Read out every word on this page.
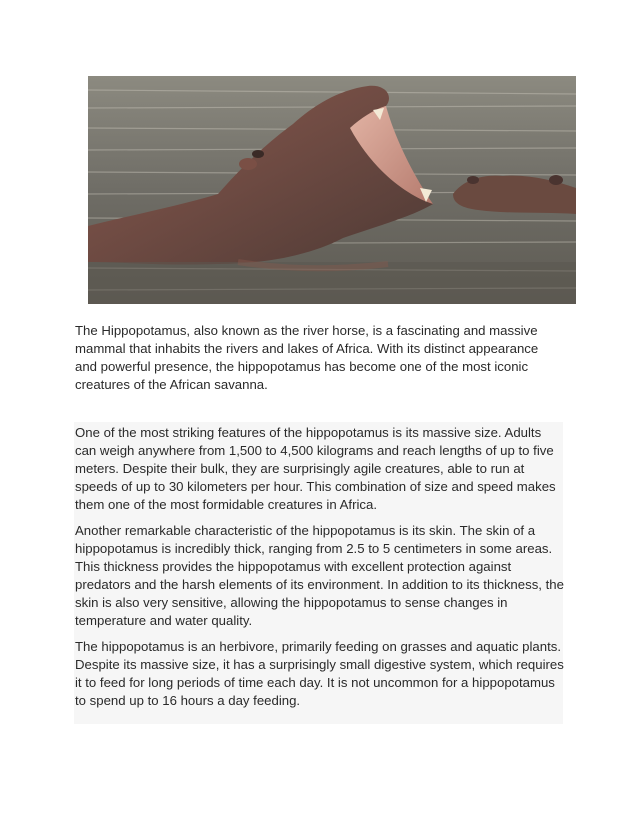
The Hippopotamus, also known as the river horse, is a fascinating and massive mammal that inhabits the rivers and lakes of Africa. With its distinct appearance and powerful presence, the hippopotamus has become one of the most iconic creatures of the African savanna.

One of the most striking features of the hippopotamus is its massive size. Adults can weigh anywhere from 1,500 to 4,500 kilograms and reach lengths of up to five meters. Despite their bulk, they are surprisingly agile creatures, able to run at speeds of up to 30 kilometers per hour. This combination of size and speed makes them one of the most formidable creatures in Africa.

Another remarkable characteristic of the hippopotamus is its skin. The skin of a hippopotamus is incredibly thick, ranging from 2.5 to 5 centimeters in some areas. This thickness provides the hippopotamus with excellent protection against predators and the harsh elements of its environment. In addition to its thickness, the skin is also very sensitive, allowing the hippopotamus to sense changes in temperature and water quality.

The hippopotamus is an herbivore, primarily feeding on grasses and aquatic plants. Despite its massive size, it has a surprisingly small digestive system, which requires it to feed for long periods of time each day. It is not uncommon for a hippopotamus to spend up to 16 hours a day feeding.
